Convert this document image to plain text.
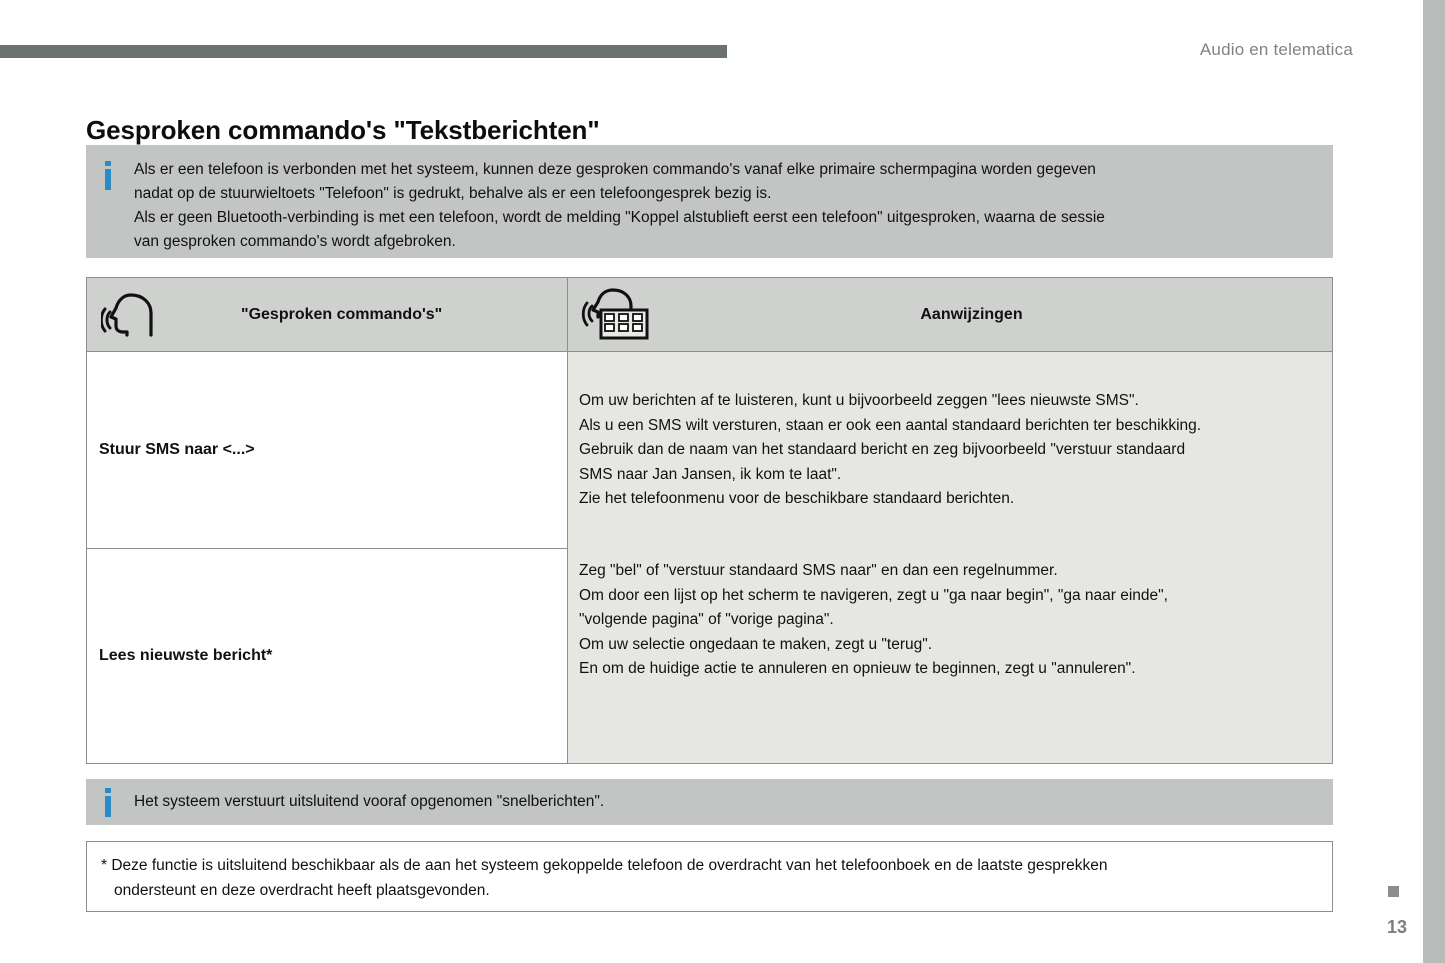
Audio en telematica
Gesproken commando's "Tekstberichten"
Als er een telefoon is verbonden met het systeem, kunnen deze gesproken commando's vanaf elke primaire schermpagina worden gegeven
nadat op de stuurwieltoets "Telefoon" is gedrukt, behalve als er een telefoongesprek bezig is.
Als er geen Bluetooth-verbinding is met een telefoon, wordt de melding "Koppel alstublieft eerst een telefoon" uitgesproken, waarna de sessie
van gesproken commando's wordt afgebroken.
"Gesproken commando's"	Aanwijzingen
Stuur SMS naar <...>
Lees nieuwste bericht*
Om uw berichten af te luisteren, kunt u bijvoorbeeld zeggen "lees nieuwste SMS".
Als u een SMS wilt versturen, staan er ook een aantal standaard berichten ter beschikking.
Gebruik dan de naam van het standaard bericht en zeg bijvoorbeeld "verstuur standaard
SMS naar Jan Jansen, ik kom te laat".
Zie het telefoonmenu voor de beschikbare standaard berichten.
Zeg "bel" of "verstuur standaard SMS naar" en dan een regelnummer.
Om door een lijst op het scherm te navigeren, zegt u "ga naar begin", "ga naar einde",
"volgende pagina" of "vorige pagina".
Om uw selectie ongedaan te maken, zegt u "terug".
En om de huidige actie te annuleren en opnieuw te beginnen, zegt u "annuleren".
Het systeem verstuurt uitsluitend vooraf opgenomen "snelberichten".
* Deze functie is uitsluitend beschikbaar als de aan het systeem gekoppelde telefoon de overdracht van het telefoonboek en de laatste gesprekken
ondersteunt en deze overdracht heeft plaatsgevonden.
13
